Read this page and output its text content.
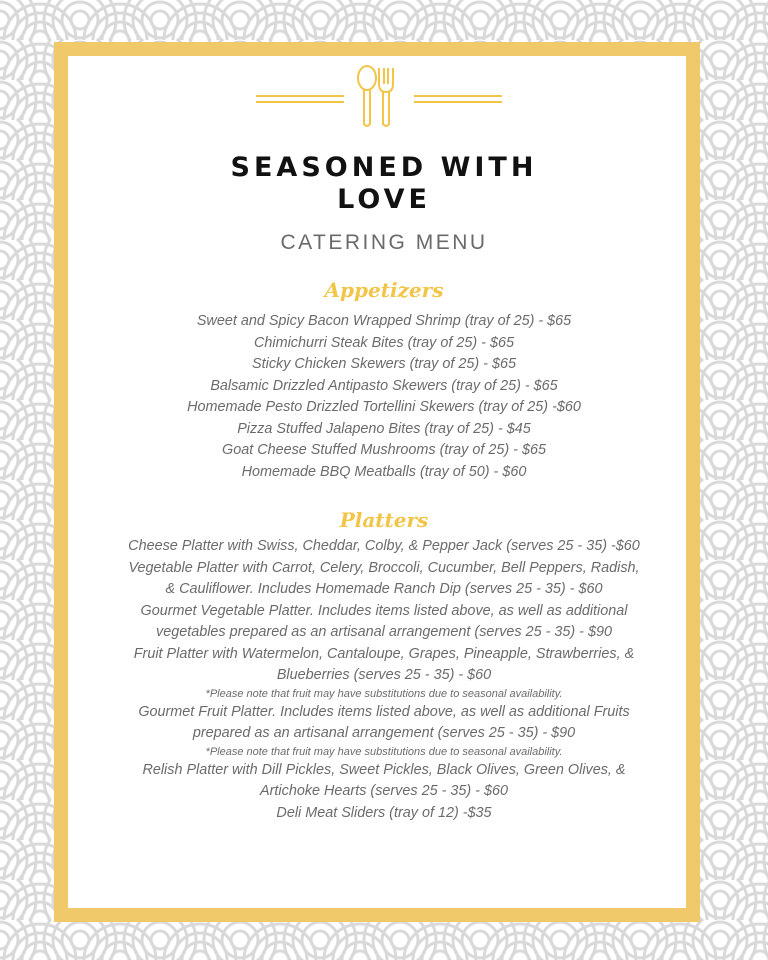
SEASONED WITH
LOVE
CATERING MENU
Appetizers
Sweet and Spicy Bacon Wrapped Shrimp (tray of 25) - $65
Chimichurri Steak Bites (tray of 25) - $65
Sticky Chicken Skewers (tray of 25) - $65
Balsamic Drizzled Antipasto Skewers (tray of 25) - $65
Homemade Pesto Drizzled Tortellini Skewers (tray of 25) -$60
Pizza Stuffed Jalapeno Bites (tray of 25) - $45
Goat Cheese Stuffed Mushrooms (tray of 25) - $65
Homemade BBQ Meatballs (tray of 50) - $60
Platters
Cheese Platter with Swiss, Cheddar, Colby, & Pepper Jack (serves 25 - 35) -$60
Vegetable Platter with Carrot, Celery, Broccoli, Cucumber, Bell Peppers, Radish,
& Cauliflower. Includes Homemade Ranch Dip (serves 25 - 35) - $60
Gourmet Vegetable Platter. Includes items listed above, as well as additional
vegetables prepared as an artisanal arrangement (serves 25 - 35) - $90
Fruit Platter with Watermelon, Cantaloupe, Grapes, Pineapple, Strawberries, &
Blueberries (serves 25 - 35) - $60
*Please note that fruit may have substitutions due to seasonal availability.
Gourmet Fruit Platter. Includes items listed above, as well as additional Fruits
prepared as an artisanal arrangement (serves 25 - 35) - $90
*Please note that fruit may have substitutions due to seasonal availability.
Relish Platter with Dill Pickles, Sweet Pickles, Black Olives, Green Olives, &
Artichoke Hearts (serves 25 - 35) - $60
Deli Meat Sliders (tray of 12) -$35
